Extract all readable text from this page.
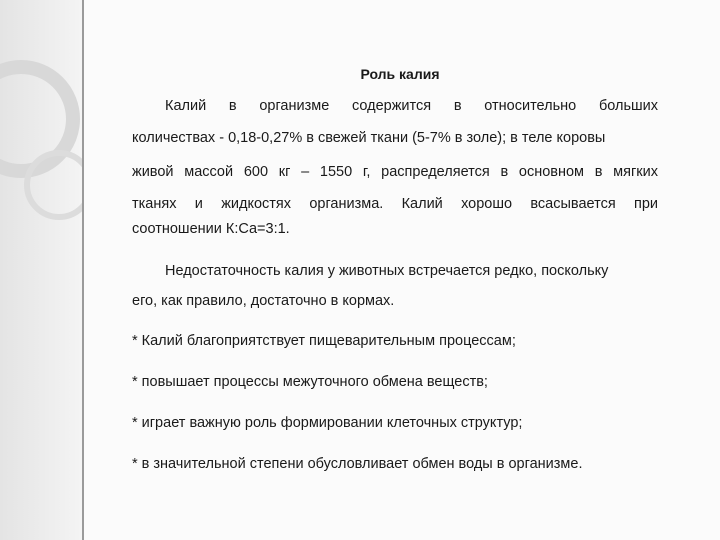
Роль калия
Калий в организме содержится в относительно больших
количествах - 0,18-0,27% в свежей ткани (5-7% в золе); в теле коровы
живой массой 600 кг – 1550 г, распределяется в основном в мягких
тканях и жидкостях организма. Калий хорошо всасывается при
соотношении К:Са=3:1.
Недостаточность калия у животных встречается редко, поскольку
его, как правило, достаточно в кормах.
* Калий благоприятствует пищеварительным процессам;
* повышает процессы межуточного обмена веществ;
* играет важную роль формировании клеточных структур;
* в значительной степени обусловливает обмен воды в организме.
